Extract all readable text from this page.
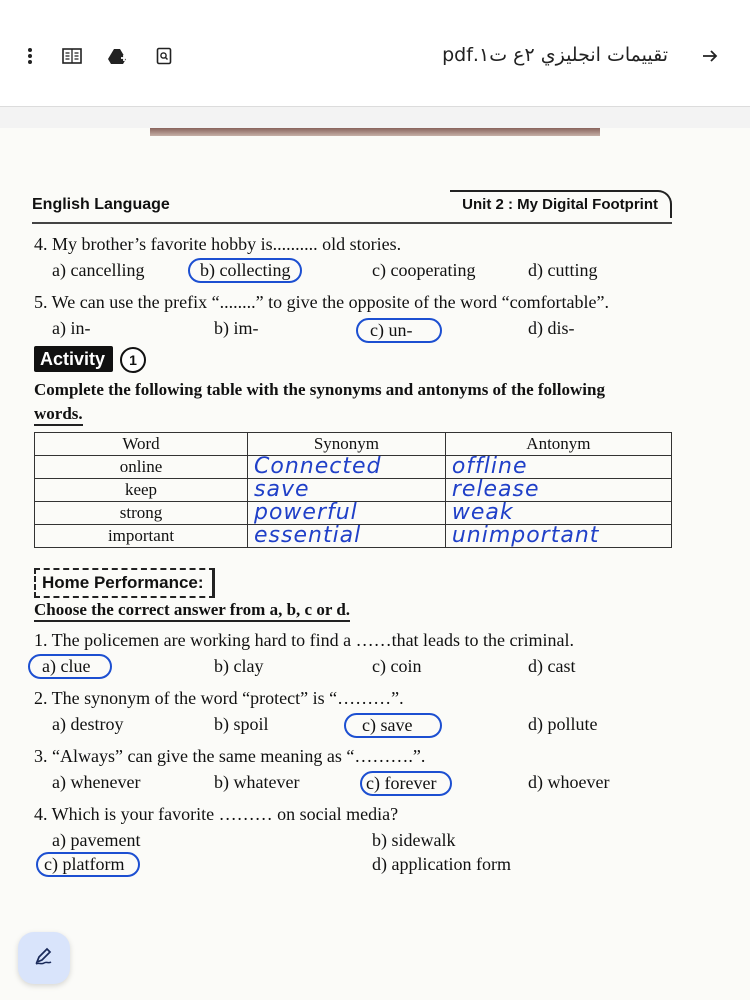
تقييمات انجليزي ٢ع ت١.pdf
English Language	Unit 2 : My Digital Footprint
4. My brother’s favorite hobby is.......... old stories.
a) cancelling	b) collecting	c) cooperating	d) cutting
5. We can use the prefix “........” to give the opposite of the word “comfortable”.
a) in-	b) im-	c) un-	d) dis-
Activity	1
Complete the following table with the synonyms and antonyms of the following
words.
Word	Synonym	Antonym
online	Connected	offline
keep	save	release
strong	powerful	weak
important	essential	unimportant
Home Performance:
Choose the correct answer from a, b, c or d.
1. The policemen are working hard to find a ……that leads to the criminal.
a) clue	b) clay	c) coin	d) cast
2. The synonym of the word “protect” is “………”.
a) destroy	b) spoil	c) save	d) pollute
3. “Always” can give the same meaning as “……….”.
a) whenever	b) whatever	c) forever	d) whoever
4. Which is your favorite ……… on social media?
a) pavement	b) sidewalk
c) platform	d) application form
